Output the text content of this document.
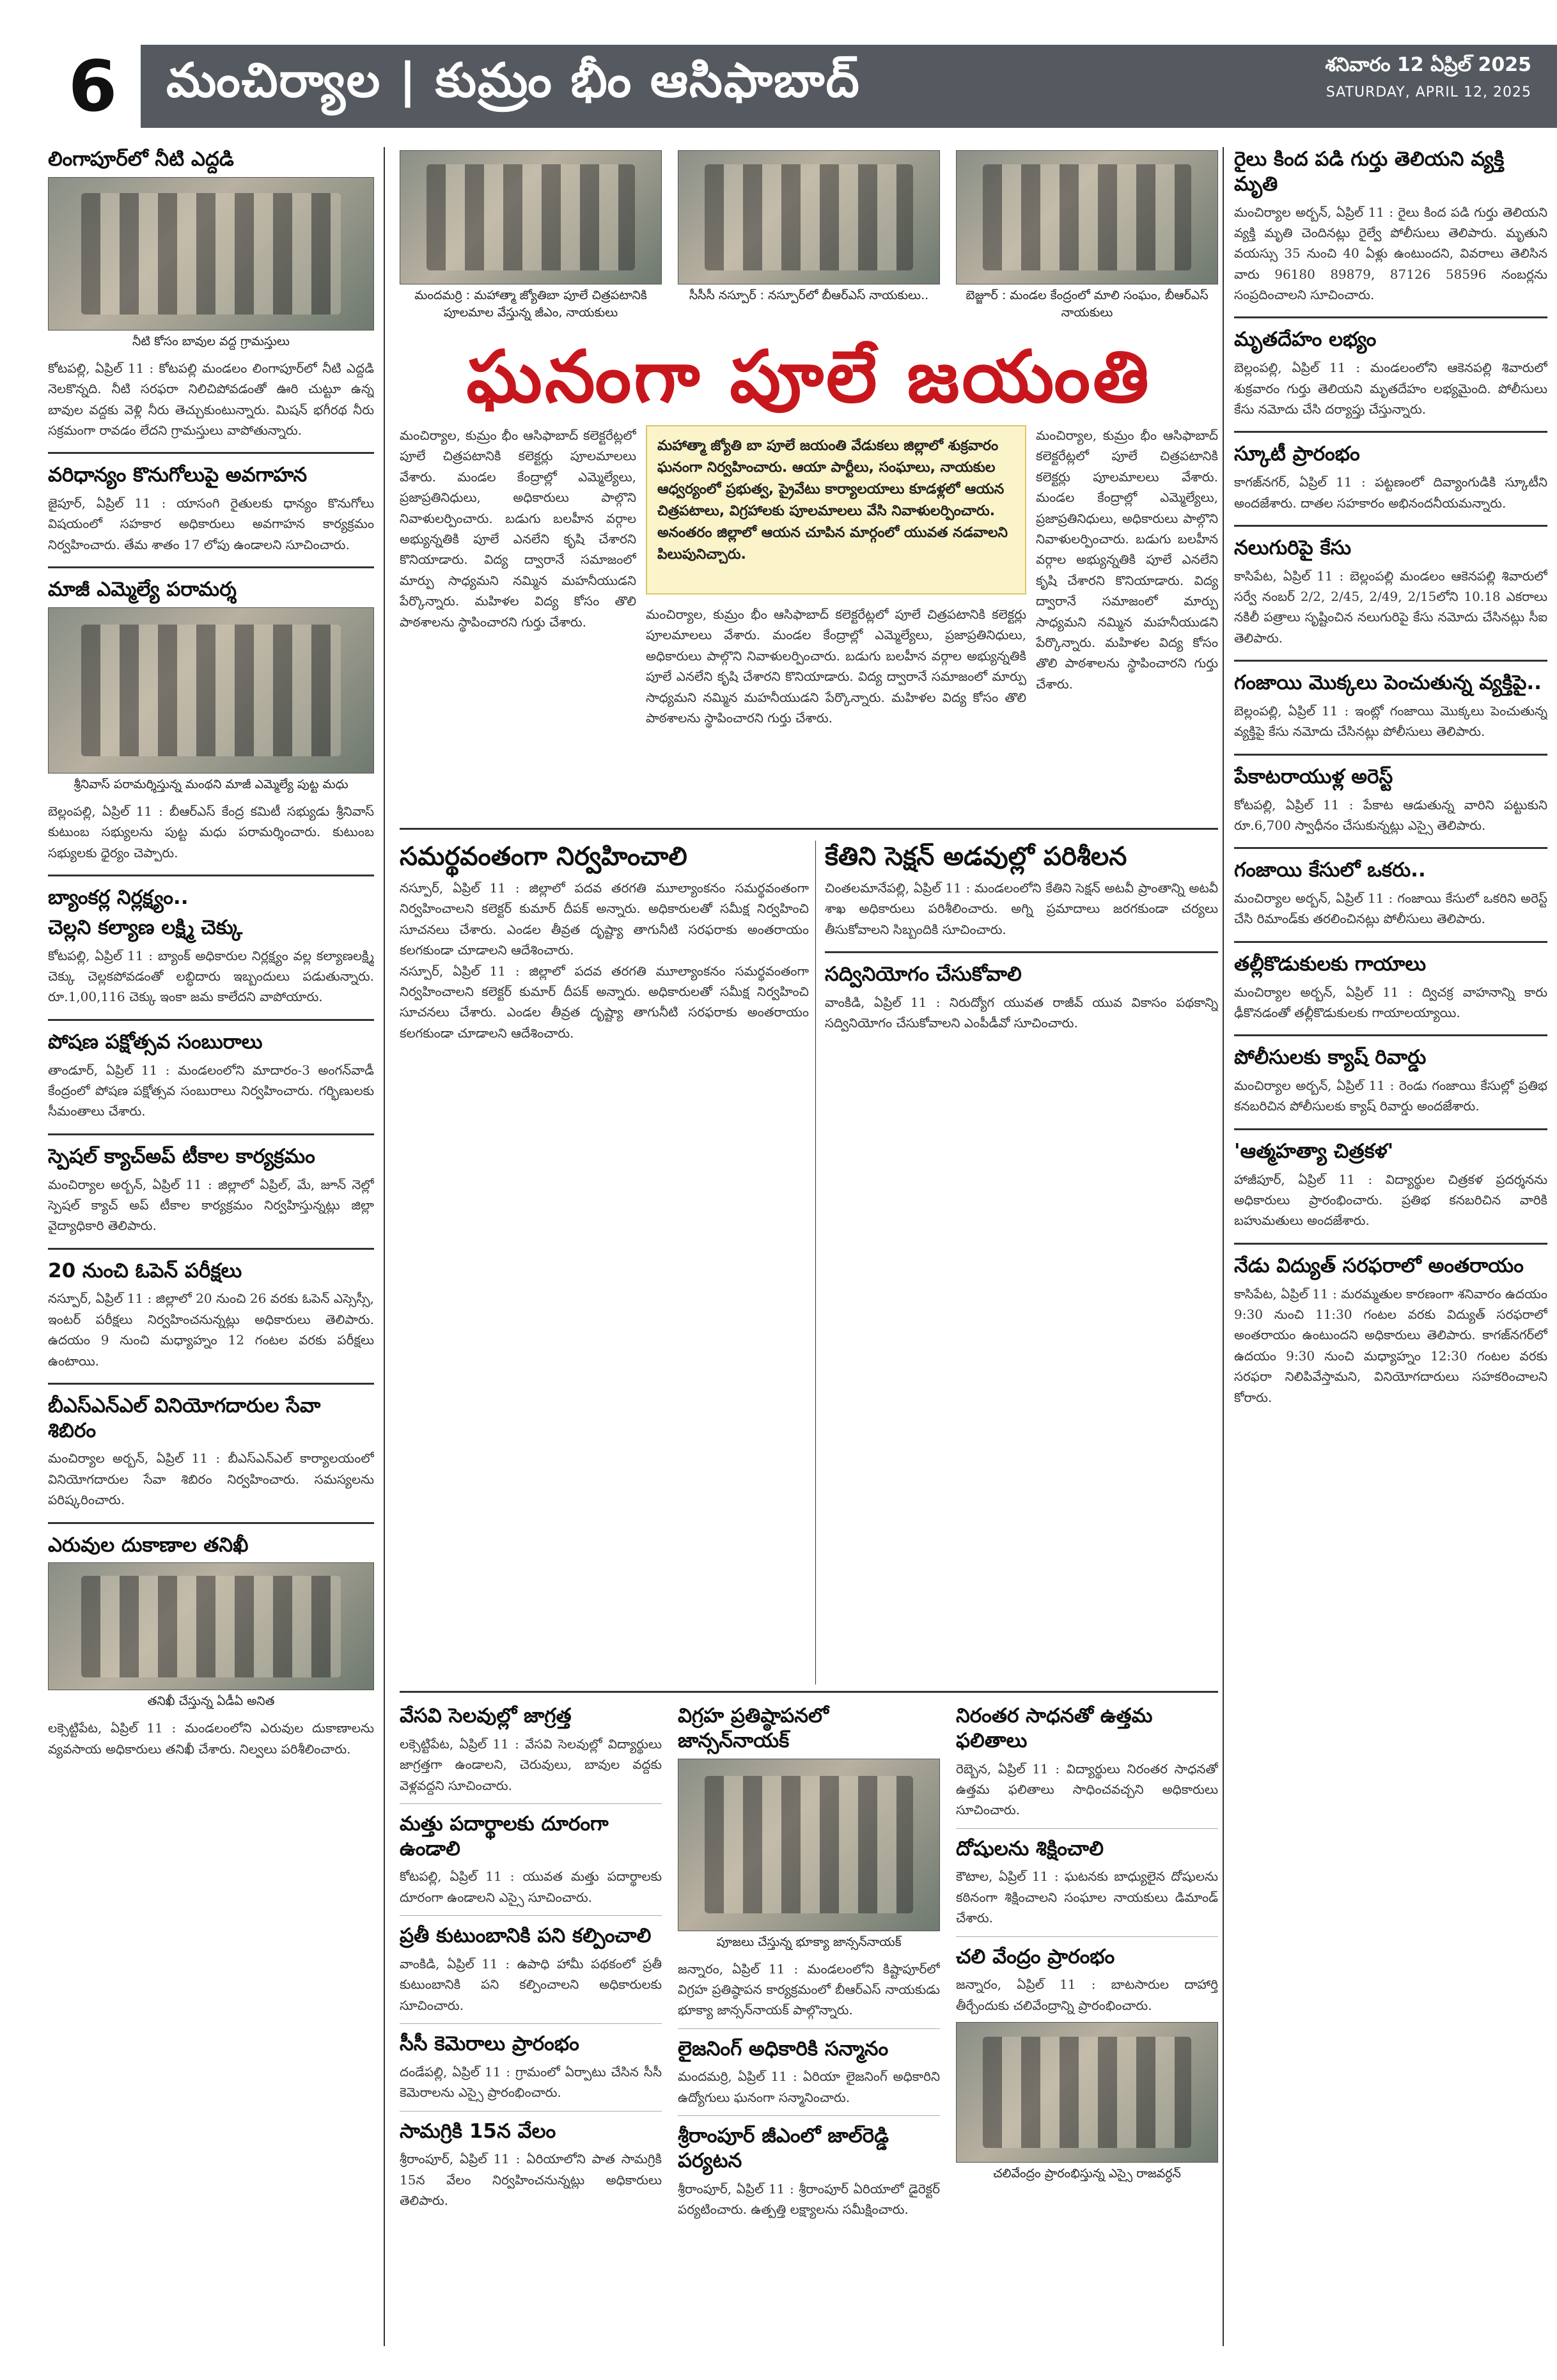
6	మంచిర్యాల | కుమ్రం భీం ఆసిఫాబాద్	శనివారం 12 ఏప్రిల్ 2025
SATURDAY, APRIL 12, 2025
లింగాపూర్‌లో నీటి ఎద్దడి
నీటి కోసం బావుల వద్ద గ్రామస్తులు
కోటపల్లి, ఏప్రిల్ 11 : కోటపల్లి మండలం లింగాపూర్‌లో నీటి ఎద్దడి నెలకొన్నది. నీటి సరఫరా నిలిచిపోవడంతో ఊరి చుట్టూ ఉన్న బావుల వద్దకు వెళ్లి నీరు తెచ్చుకుంటున్నారు. మిషన్ భగీరథ నీరు సక్రమంగా రావడం లేదని గ్రామస్తులు వాపోతున్నారు.
వరిధాన్యం కొనుగోలుపై అవగాహన
జైపూర్, ఏప్రిల్ 11 : యాసంగి రైతులకు ధాన్యం కొనుగోలు విషయంలో సహకార అధికారులు అవగాహన కార్యక్రమం నిర్వహించారు. తేమ శాతం 17 లోపు ఉండాలని సూచించారు.
మాజీ ఎమ్మెల్యే పరామర్శ
శ్రీనివాస్ పరామర్శిస్తున్న మంథని మాజీ ఎమ్మెల్యే పుట్ట మధు
బెల్లంపల్లి, ఏప్రిల్ 11 : బీఆర్ఎస్ కేంద్ర కమిటీ సభ్యుడు శ్రీనివాస్ కుటుంబ సభ్యులను పుట్ట మధు పరామర్శించారు. కుటుంబ సభ్యులకు ధైర్యం చెప్పారు.
బ్యాంకర్ల నిర్లక్ష్యం..
చెల్లని కల్యాణ లక్ష్మి చెక్కు
కోటపల్లి, ఏప్రిల్ 11 : బ్యాంక్ అధికారుల నిర్లక్ష్యం వల్ల కల్యాణలక్ష్మి చెక్కు చెల్లకపోవడంతో లబ్ధిదారు ఇబ్బందులు పడుతున్నారు. రూ.1,00,116 చెక్కు ఇంకా జమ కాలేదని వాపోయారు.
పోషణ పక్షోత్సవ సంబురాలు
తాండూర్, ఏప్రిల్ 11 : మండలంలోని మాదారం-3 అంగన్‌వాడీ కేంద్రంలో పోషణ పక్షోత్సవ సంబురాలు నిర్వహించారు. గర్భిణులకు సీమంతాలు చేశారు.
స్పెషల్ క్యాచ్‌అప్ టీకాల కార్యక్రమం
మంచిర్యాల అర్బన్, ఏప్రిల్ 11 : జిల్లాలో ఏప్రిల్, మే, జూన్ నెల్లో స్పెషల్ క్యాచ్ అప్ టీకాల కార్యక్రమం నిర్వహిస్తున్నట్లు జిల్లా వైద్యాధికారి తెలిపారు.
20 నుంచి ఓపెన్ పరీక్షలు
నస్పూర్, ఏప్రిల్ 11 : జిల్లాలో 20 నుంచి 26 వరకు ఓపెన్ ఎస్సెస్సీ, ఇంటర్ పరీక్షలు నిర్వహించనున్నట్లు అధికారులు తెలిపారు. ఉదయం 9 నుంచి మధ్యాహ్నం 12 గంటల వరకు పరీక్షలు ఉంటాయి.
బీఎస్ఎన్ఎల్ వినియోగదారుల సేవా శిబిరం
మంచిర్యాల అర్బన్, ఏప్రిల్ 11 : బీఎస్ఎన్ఎల్ కార్యాలయంలో వినియోగదారుల సేవా శిబిరం నిర్వహించారు. సమస్యలను పరిష్కరించారు.
ఎరువుల దుకాణాల తనిఖీ
తనిఖీ చేస్తున్న ఏడీఏ అనిత
లక్సెట్టిపేట, ఏప్రిల్ 11 : మండలంలోని ఎరువుల దుకాణాలను వ్యవసాయ అధికారులు తనిఖీ చేశారు. నిల్వలు పరిశీలించారు.
మందమర్రి : మహాత్మా జ్యోతిబా పూలే చిత్రపటానికి పూలమాల వేస్తున్న జీఎం, నాయకులు
సీసీసీ నస్పూర్ : నస్పూర్‌లో బీఆర్ఎస్ నాయకులు..	బెజ్జూర్ : మండల కేంద్రంలో మాలి సంఘం, బీఆర్ఎస్ నాయకులు
ఘనంగా పూలే జయంతి
మహాత్మా జ్యోతి బా పూలే జయంతి వేడుకలు జిల్లాలో శుక్రవారం ఘనంగా నిర్వహించారు. ఆయా పార్టీలు, సంఘాలు, నాయకుల ఆధ్వర్యంలో ప్రభుత్వ, ప్రైవేటు కార్యాలయాలు కూడళ్లలో ఆయన చిత్రపటాలు, విగ్రహాలకు పూలమాలలు వేసి నివాళులర్పించారు. అనంతరం జిల్లాలో ఆయన చూపిన మార్గంలో యువత నడవాలని పిలుపునిచ్చారు.
మంచిర్యాల, కుమ్రం భీం ఆసిఫాబాద్ కలెక్టరేట్లలో పూలే చిత్రపటానికి కలెక్టర్లు పూలమాలలు వేశారు. మండల కేంద్రాల్లో ఎమ్మెల్యేలు, ప్రజాప్రతినిధులు, అధికారులు పాల్గొని నివాళులర్పించారు. బడుగు బలహీన వర్గాల అభ్యున్నతికి పూలే ఎనలేని కృషి చేశారని కొనియాడారు. విద్య ద్వారానే సమాజంలో మార్పు సాధ్యమని నమ్మిన మహనీయుడని పేర్కొన్నారు. మహిళల విద్య కోసం తొలి పాఠశాలను స్థాపించారని గుర్తు చేశారు.	మంచిర్యాల, కుమ్రం భీం ఆసిఫాబాద్ కలెక్టరేట్లలో పూలే చిత్రపటానికి కలెక్టర్లు పూలమాలలు వేశారు. మండల కేంద్రాల్లో ఎమ్మెల్యేలు, ప్రజాప్రతినిధులు, అధికారులు పాల్గొని నివాళులర్పించారు. బడుగు బలహీన వర్గాల అభ్యున్నతికి పూలే ఎనలేని కృషి చేశారని కొనియాడారు. విద్య ద్వారానే సమాజంలో మార్పు సాధ్యమని నమ్మిన మహనీయుడని పేర్కొన్నారు. మహిళల విద్య కోసం తొలి పాఠశాలను స్థాపించారని గుర్తు చేశారు.
మంచిర్యాల, కుమ్రం భీం ఆసిఫాబాద్ కలెక్టరేట్లలో పూలే చిత్రపటానికి కలెక్టర్లు పూలమాలలు వేశారు. మండల కేంద్రాల్లో ఎమ్మెల్యేలు, ప్రజాప్రతినిధులు, అధికారులు పాల్గొని నివాళులర్పించారు. బడుగు బలహీన వర్గాల అభ్యున్నతికి పూలే ఎనలేని కృషి చేశారని కొనియాడారు. విద్య ద్వారానే సమాజంలో మార్పు సాధ్యమని నమ్మిన మహనీయుడని పేర్కొన్నారు. మహిళల విద్య కోసం తొలి పాఠశాలను స్థాపించారని గుర్తు చేశారు.
సమర్థవంతంగా నిర్వహించాలి
నస్పూర్, ఏప్రిల్ 11 : జిల్లాలో పదవ తరగతి మూల్యాంకనం సమర్థవంతంగా నిర్వహించాలని కలెక్టర్ కుమార్ దీపక్ అన్నారు. అధికారులతో సమీక్ష నిర్వహించి సూచనలు చేశారు. ఎండల తీవ్రత దృష్ట్యా తాగునీటి సరఫరాకు అంతరాయం కలగకుండా చూడాలని ఆదేశించారు.
నస్పూర్, ఏప్రిల్ 11 : జిల్లాలో పదవ తరగతి మూల్యాంకనం సమర్థవంతంగా నిర్వహించాలని కలెక్టర్ కుమార్ దీపక్ అన్నారు. అధికారులతో సమీక్ష నిర్వహించి సూచనలు చేశారు. ఎండల తీవ్రత దృష్ట్యా తాగునీటి సరఫరాకు అంతరాయం కలగకుండా చూడాలని ఆదేశించారు.
కేతిని సెక్షన్ అడవుల్లో పరిశీలన
చింతలమానేపల్లి, ఏప్రిల్ 11 : మండలంలోని కేతిని సెక్షన్ అటవీ ప్రాంతాన్ని అటవీ శాఖ అధికారులు పరిశీలించారు. అగ్ని ప్రమాదాలు జరగకుండా చర్యలు తీసుకోవాలని సిబ్బందికి సూచించారు.
సద్వినియోగం చేసుకోవాలి
వాంకిడి, ఏప్రిల్ 11 : నిరుద్యోగ యువత రాజీవ్ యువ వికాసం పథకాన్ని సద్వినియోగం చేసుకోవాలని ఎంపీడీవో సూచించారు.
వేసవి సెలవుల్లో జాగ్రత్త
లక్సెట్టిపేట, ఏప్రిల్ 11 : వేసవి సెలవుల్లో విద్యార్థులు జాగ్రత్తగా ఉండాలని, చెరువులు, బావుల వద్దకు వెళ్లవద్దని సూచించారు.
మత్తు పదార్థాలకు దూరంగా ఉండాలి
కోటపల్లి, ఏప్రిల్ 11 : యువత మత్తు పదార్థాలకు దూరంగా ఉండాలని ఎస్సై సూచించారు.
ప్రతీ కుటుంబానికి పని కల్పించాలి
వాంకిడి, ఏప్రిల్ 11 : ఉపాధి హామీ పథకంలో ప్రతీ కుటుంబానికి పని కల్పించాలని అధికారులకు సూచించారు.
సీసీ కెమెరాలు ప్రారంభం
దండేపల్లి, ఏప్రిల్ 11 : గ్రామంలో ఏర్పాటు చేసిన సీసీ కెమెరాలను ఎస్సై ప్రారంభించారు.
సామగ్రికి 15న వేలం
శ్రీరాంపూర్, ఏప్రిల్ 11 : ఏరియాలోని పాత సామగ్రికి 15న వేలం నిర్వహించనున్నట్లు అధికారులు తెలిపారు.
విగ్రహ ప్రతిష్ఠాపనలో జాన్సన్‌నాయక్
పూజలు చేస్తున్న భూక్యా జాన్సన్‌నాయక్
జన్నారం, ఏప్రిల్ 11 : మండలంలోని కిష్టాపూర్‌లో విగ్రహ ప్రతిష్ఠాపన కార్యక్రమంలో బీఆర్ఎస్ నాయకుడు భూక్యా జాన్సన్‌నాయక్ పాల్గొన్నారు.
లైజనింగ్ అధికారికి సన్మానం
మందమర్రి, ఏప్రిల్ 11 : ఏరియా లైజనింగ్ అధికారిని ఉద్యోగులు ఘనంగా సన్మానించారు.
శ్రీరాంపూర్ జీఎంలో జాల్‌రెడ్డి పర్యటన
శ్రీరాంపూర్, ఏప్రిల్ 11 : శ్రీరాంపూర్ ఏరియాలో డైరెక్టర్ పర్యటించారు. ఉత్పత్తి లక్ష్యాలను సమీక్షించారు.
నిరంతర సాధనతో ఉత్తమ ఫలితాలు
రెబ్బెన, ఏప్రిల్ 11 : విద్యార్థులు నిరంతర సాధనతో ఉత్తమ ఫలితాలు సాధించవచ్చని అధికారులు సూచించారు.
దోషులను శిక్షించాలి
కౌటాల, ఏప్రిల్ 11 : ఘటనకు బాధ్యులైన దోషులను కఠినంగా శిక్షించాలని సంఘాల నాయకులు డిమాండ్ చేశారు.
చలి వేంద్రం ప్రారంభం
జన్నారం, ఏప్రిల్ 11 : బాటసారుల దాహార్తి తీర్చేందుకు చలివేంద్రాన్ని ప్రారంభించారు.
చలివేంద్రం ప్రారంభిస్తున్న ఎస్సై రాజవర్ధన్
రైలు కింద పడి గుర్తు తెలియని వ్యక్తి మృతి
మంచిర్యాల అర్బన్, ఏప్రిల్ 11 : రైలు కింద పడి గుర్తు తెలియని వ్యక్తి మృతి చెందినట్లు రైల్వే పోలీసులు తెలిపారు. మృతుని వయస్సు 35 నుంచి 40 ఏళ్లు ఉంటుందని, వివరాలు తెలిసిన వారు 96180 89879, 87126 58596 నంబర్లను సంప్రదించాలని సూచించారు.
మృతదేహం లభ్యం
బెల్లంపల్లి, ఏప్రిల్ 11 : మండలంలోని ఆకెనపల్లి శివారులో శుక్రవారం గుర్తు తెలియని మృతదేహం లభ్యమైంది. పోలీసులు కేసు నమోదు చేసి దర్యాప్తు చేస్తున్నారు.
స్కూటీ ప్రారంభం
కాగజ్‌నగర్, ఏప్రిల్ 11 : పట్టణంలో దివ్యాంగుడికి స్కూటీని అందజేశారు. దాతల సహకారం అభినందనీయమన్నారు.
నలుగురిపై కేసు
కాసిపేట, ఏప్రిల్ 11 : బెల్లంపల్లి మండలం ఆకెనపల్లి శివారులో సర్వే నంబర్ 2/2, 2/45, 2/49, 2/15లోని 10.18 ఎకరాలు నకిలీ పత్రాలు సృష్టించిన నలుగురిపై కేసు నమోదు చేసినట్లు సీఐ తెలిపారు.
గంజాయి మొక్కలు పెంచుతున్న వ్యక్తిపై..
బెల్లంపల్లి, ఏప్రిల్ 11 : ఇంట్లో గంజాయి మొక్కలు పెంచుతున్న వ్యక్తిపై కేసు నమోదు చేసినట్లు పోలీసులు తెలిపారు.
పేకాటరాయుళ్ల అరెస్ట్
కోటపల్లి, ఏప్రిల్ 11 : పేకాట ఆడుతున్న వారిని పట్టుకుని రూ.6,700 స్వాధీనం చేసుకున్నట్లు ఎస్సై తెలిపారు.
గంజాయి కేసులో ఒకరు..
మంచిర్యాల అర్బన్, ఏప్రిల్ 11 : గంజాయి కేసులో ఒకరిని అరెస్ట్ చేసి రిమాండ్‌కు తరలించినట్లు పోలీసులు తెలిపారు.
తల్లీకొడుకులకు గాయాలు
మంచిర్యాల అర్బన్, ఏప్రిల్ 11 : ద్విచక్ర వాహనాన్ని కారు ఢీకొనడంతో తల్లీకొడుకులకు గాయాలయ్యాయి.
పోలీసులకు క్యాష్ రివార్డు
మంచిర్యాల అర్బన్, ఏప్రిల్ 11 : రెండు గంజాయి కేసుల్లో ప్రతిభ కనబరిచిన పోలీసులకు క్యాష్ రివార్డు అందజేశారు.
'ఆత్మహత్యా చిత్రకళ'
హాజీపూర్, ఏప్రిల్ 11 : విద్యార్థుల చిత్రకళ ప్రదర్శనను అధికారులు ప్రారంభించారు. ప్రతిభ కనబరిచిన వారికి బహుమతులు అందజేశారు.
నేడు విద్యుత్ సరఫరాలో అంతరాయం
కాసిపేట, ఏప్రిల్ 11 : మరమ్మతుల కారణంగా శనివారం ఉదయం 9:30 నుంచి 11:30 గంటల వరకు విద్యుత్ సరఫరాలో అంతరాయం ఉంటుందని అధికారులు తెలిపారు. కాగజ్‌నగర్‌లో ఉదయం 9:30 నుంచి మధ్యాహ్నం 12:30 గంటల వరకు సరఫరా నిలిపివేస్తామని, వినియోగదారులు సహకరించాలని కోరారు.
